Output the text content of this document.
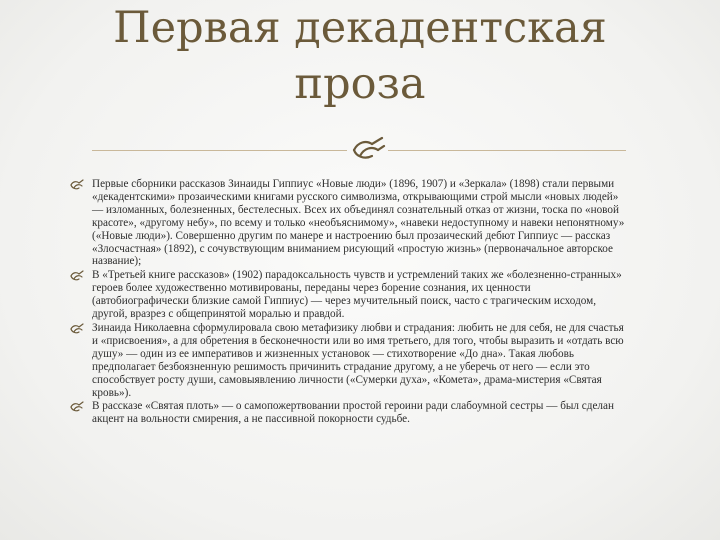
Первая декадентская
проза
Первые сборники рассказов Зинаиды Гиппиус «Новые люди» (1896, 1907) и «Зеркала» (1898) стали первыми «декадентскими» прозаическими книгами русского символизма, открывающими строй мысли «новых людей» — изломанных, болезненных, бестелесных. Всех их объединял сознательный отказ от жизни, тоска по «новой красоте», «другому небу», по всему и только «необъяснимому», «навеки недоступному и навеки непонятному» («Новые люди»). Совершенно другим по манере и настроению был прозаический дебют Гиппиус — рассказ «Злосчастная» (1892), с сочувствующим вниманием рисующий «простую жизнь» (первоначальное авторское название);
В «Третьей книге рассказов» (1902) парадоксальность чувств и устремлений таких же «болезненно-странных» героев более художественно мотивированы, переданы через борение сознания, их ценности (автобиографически близкие самой Гиппиус) — через мучительный поиск, часто с трагическим исходом, другой, вразрез с общепринятой моралью и правдой.
Зинаида Николаевна сформулировала свою метафизику любви и страдания: любить не для себя, не для счастья и «присвоения», а для обретения в бесконечности или во имя третьего, для того, чтобы выразить и «отдать всю душу» — один из ее императивов и жизненных установок — стихотворение «До дна». Такая любовь предполагает безбоязненную решимость причинить страдание другому, а не уберечь от него — если это способствует росту души, самовыявлению личности («Сумерки духа», «Комета», драма-мистерия «Святая кровь»).
В рассказе «Святая плоть» — о самопожертвовании простой героини ради слабоумной сестры — был сделан акцент на вольности смирения, а не пассивной покорности судьбе.
